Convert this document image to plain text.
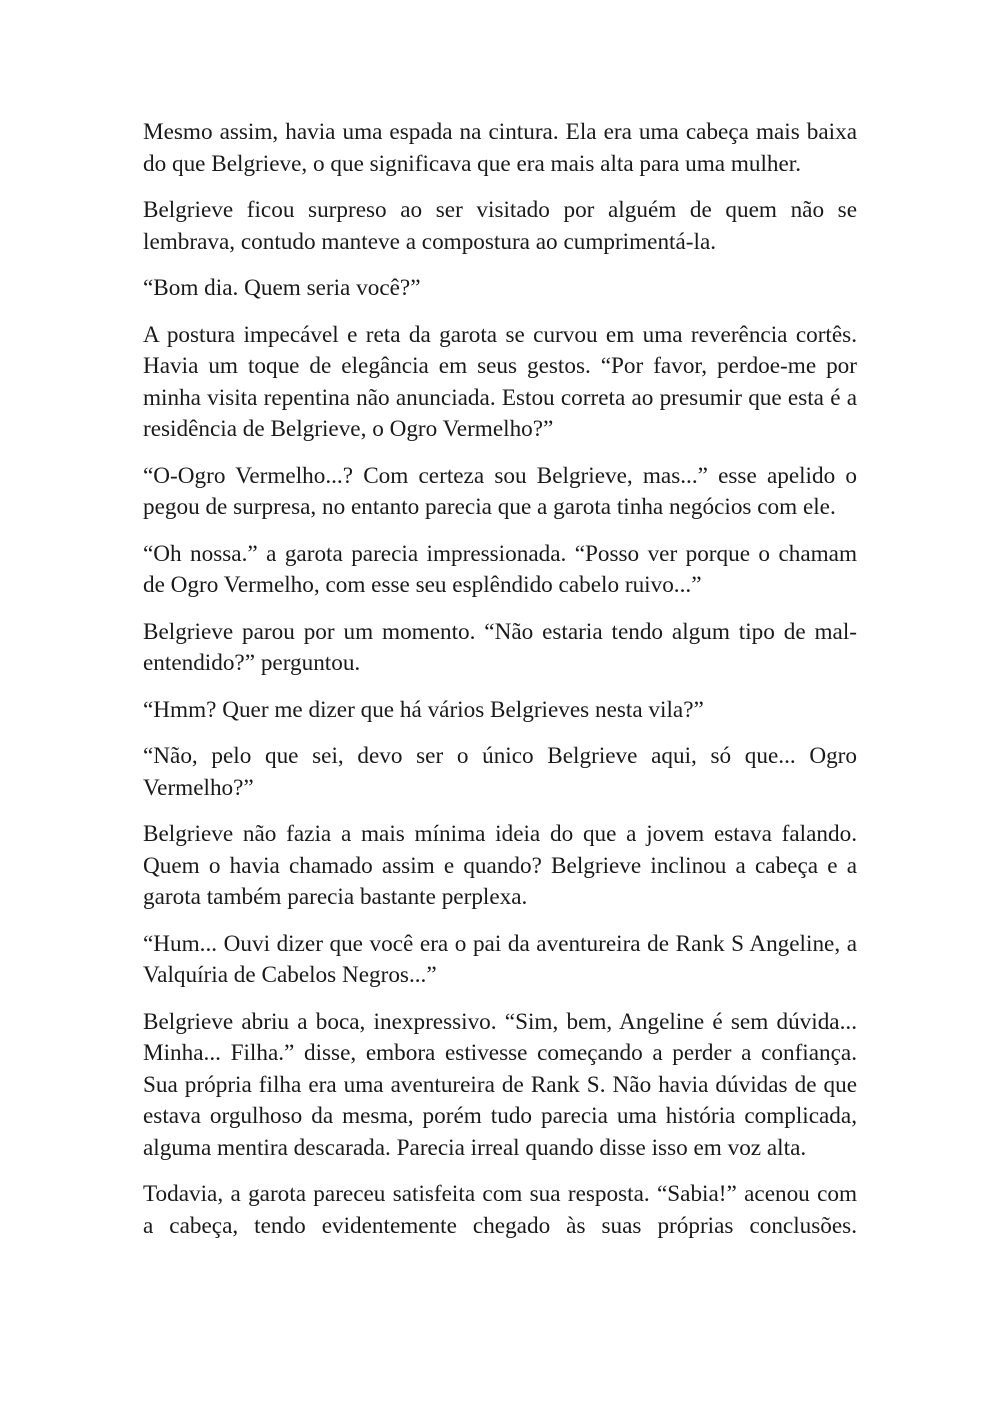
Mesmo assim, havia uma espada na cintura. Ela era uma cabeça mais baixa do que Belgrieve, o que significava que era mais alta para uma mulher.

Belgrieve ficou surpreso ao ser visitado por alguém de quem não se lembrava, contudo manteve a compostura ao cumprimentá-la.

“Bom dia. Quem seria você?”

A postura impecável e reta da garota se curvou em uma reverência cortês. Havia um toque de elegância em seus gestos. “Por favor, perdoe-me por minha visita repentina não anunciada. Estou correta ao presumir que esta é a residência de Belgrieve, o Ogro Vermelho?”

“O-Ogro Vermelho...? Com certeza sou Belgrieve, mas...” esse apelido o pegou de surpresa, no entanto parecia que a garota tinha negócios com ele.

“Oh nossa.” a garota parecia impressionada. “Posso ver porque o chamam de Ogro Vermelho, com esse seu esplêndido cabelo ruivo...”

Belgrieve parou por um momento. “Não estaria tendo algum tipo de mal-entendido?” perguntou.

“Hmm? Quer me dizer que há vários Belgrieves nesta vila?”

“Não, pelo que sei, devo ser o único Belgrieve aqui, só que... Ogro Vermelho?”

Belgrieve não fazia a mais mínima ideia do que a jovem estava falando. Quem o havia chamado assim e quando? Belgrieve inclinou a cabeça e a garota também parecia bastante perplexa.

“Hum... Ouvi dizer que você era o pai da aventureira de Rank S Angeline, a Valquíria de Cabelos Negros...”

Belgrieve abriu a boca, inexpressivo. “Sim, bem, Angeline é sem dúvida... Minha... Filha.” disse, embora estivesse começando a perder a confiança. Sua própria filha era uma aventureira de Rank S. Não havia dúvidas de que estava orgulhoso da mesma, porém tudo parecia uma história complicada, alguma mentira descarada. Parecia irreal quando disse isso em voz alta.

Todavia, a garota pareceu satisfeita com sua resposta. “Sabia!” acenou com a cabeça, tendo evidentemente chegado às suas próprias conclusões.
